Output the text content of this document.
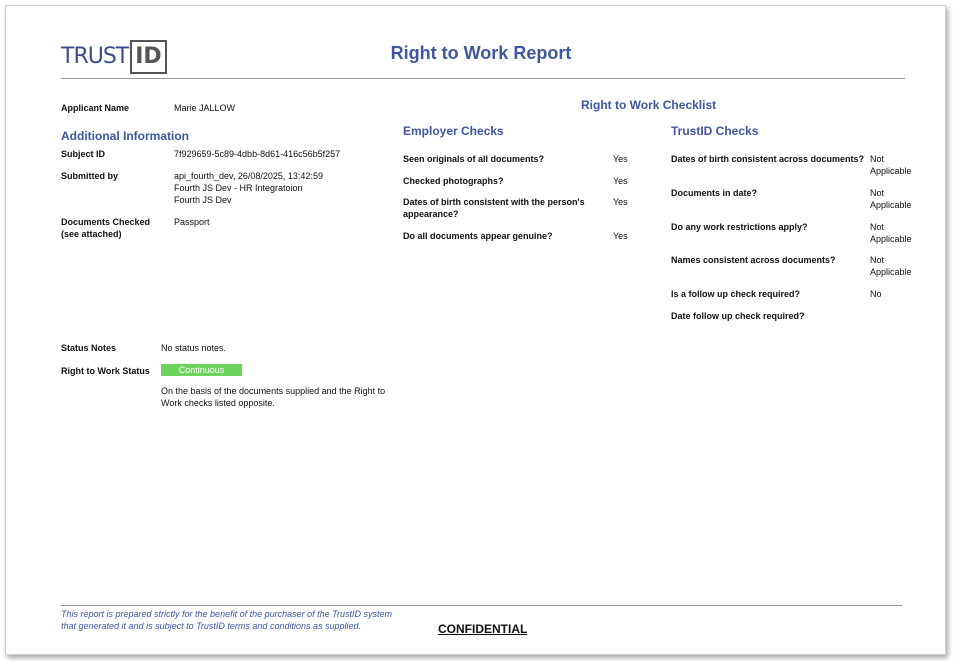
TRUST ID	Right to Work Report
Applicant Name	Marie JALLOW
Additional Information
Subject ID	7f929659-5c89-4dbb-8d61-416c56b5f257
Submitted by	api_fourth_dev, 26/08/2025, 13:42:59
Fourth JS Dev - HR Integratoion
Fourth JS Dev
Documents Checked
(see attached)
Passport
Status Notes	No status notes.
Right to Work Status	Continuous
On the basis of the documents supplied and the Right to
Work checks listed opposite.
Right to Work Checklist
Employer Checks
Seen originals of all documents?	Yes
Checked photographs?	Yes
Dates of birth consistent with the person's
appearance?
Yes
Do all documents appear genuine?	Yes
TrustID Checks
Dates of birth consistent across documents? Not
Applicable
Documents in date?	Not
Applicable
Do any work restrictions apply?	Not
Applicable
Names consistent across documents?	Not
Applicable
Is a follow up check required?	No
Date follow up check required?
This report is prepared strictly for the benefit of the purchaser of the TrustID system
that generated it and is subject to TrustID terms and conditions as supplied.	CONFIDENTIAL
